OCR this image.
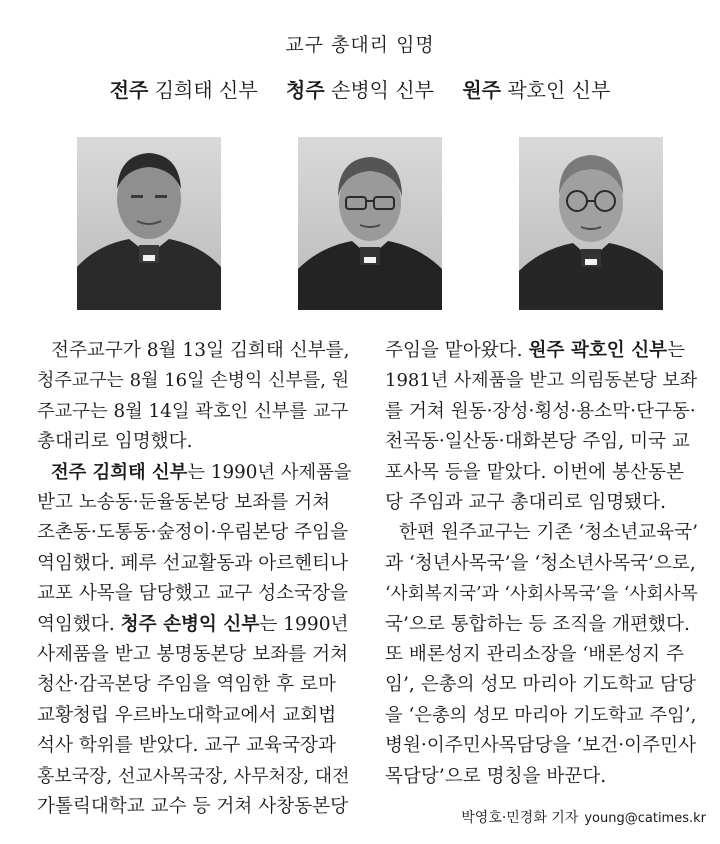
교구 총대리 임명
전주 김희태 신부 청주 손병익 신부 원주 곽호인 신부
전주교구가 8월 13일 김희태 신부를,
청주교구는 8월 16일 손병익 신부를, 원
주교구는 8월 14일 곽호인 신부를 교구
총대리로 임명했다.
전주 김희태 신부는 1990년 사제품을
받고 노송동·둔율동본당 보좌를 거쳐
조촌동·도통동·숲정이·우림본당 주임을
역임했다. 페루 선교활동과 아르헨티나
교포 사목을 담당했고 교구 성소국장을
역임했다. 청주 손병익 신부는 1990년
사제품을 받고 봉명동본당 보좌를 거쳐
청산·감곡본당 주임을 역임한 후 로마
교황청립 우르바노대학교에서 교회법
석사 학위를 받았다. 교구 교육국장과
홍보국장, 선교사목국장, 사무처장, 대전
가톨릭대학교 교수 등 거쳐 사창동본당
주임을 맡아왔다. 원주 곽호인 신부는
1981년 사제품을 받고 의림동본당 보좌
를 거쳐 원동·장성·횡성·용소막·단구동·
천곡동·일산동·대화본당 주임, 미국 교
포사목 등을 맡았다. 이번에 봉산동본
당 주임과 교구 총대리로 임명됐다.
한편 원주교구는 기존 ‘청소년교육국’
과 ‘청년사목국’을 ‘청소년사목국’으로,
‘사회복지국’과 ‘사회사목국’을 ‘사회사목
국’으로 통합하는 등 조직을 개편했다.
또 배론성지 관리소장을 ‘배론성지 주
임’, 은총의 성모 마리아 기도학교 담당
을 ‘은총의 성모 마리아 기도학교 주임’,
병원·이주민사목담당을 ‘보건·이주민사
목담당’으로 명칭을 바꾼다.
박영호·민경화 기자 young@catimes.kr
